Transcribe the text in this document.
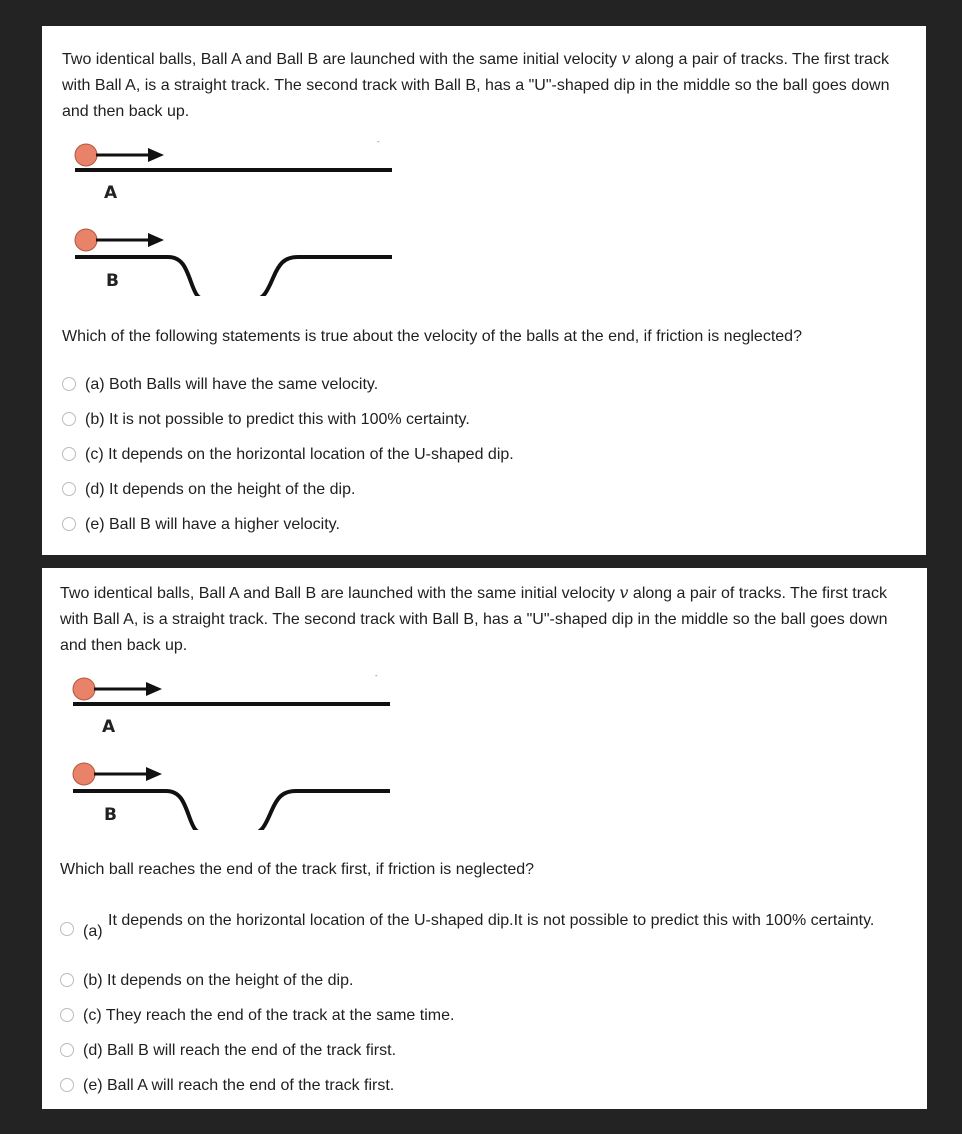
Two identical balls, Ball A and Ball B are launched with the same initial velocity v along a pair of tracks. The first track with Ball A, is a straight track. The second track with Ball B, has a "U"-shaped dip in the middle so the ball goes down and then back up.

A
-
B

Which of the following statements is true about the velocity of the balls at the end, if friction is neglected?

(a) Both Balls will have the same velocity.
(b) It is not possible to predict this with 100% certainty.
(c) It depends on the horizontal location of the U-shaped dip.
(d) It depends on the height of the dip.
(e) Ball B will have a higher velocity.

Two identical balls, Ball A and Ball B are launched with the same initial velocity v along a pair of tracks. The first track with Ball A, is a straight track. The second track with Ball B, has a "U"-shaped dip in the middle so the ball goes down and then back up.

A
-
B

Which ball reaches the end of the track first, if friction is neglected?

(a)
It depends on the horizontal location of the U-shaped dip.It is not possible to predict this with 100% certainty.
(b) It depends on the height of the dip.
(c) They reach the end of the track at the same time.
(d) Ball B will reach the end of the track first.
(e) Ball A will reach the end of the track first.
